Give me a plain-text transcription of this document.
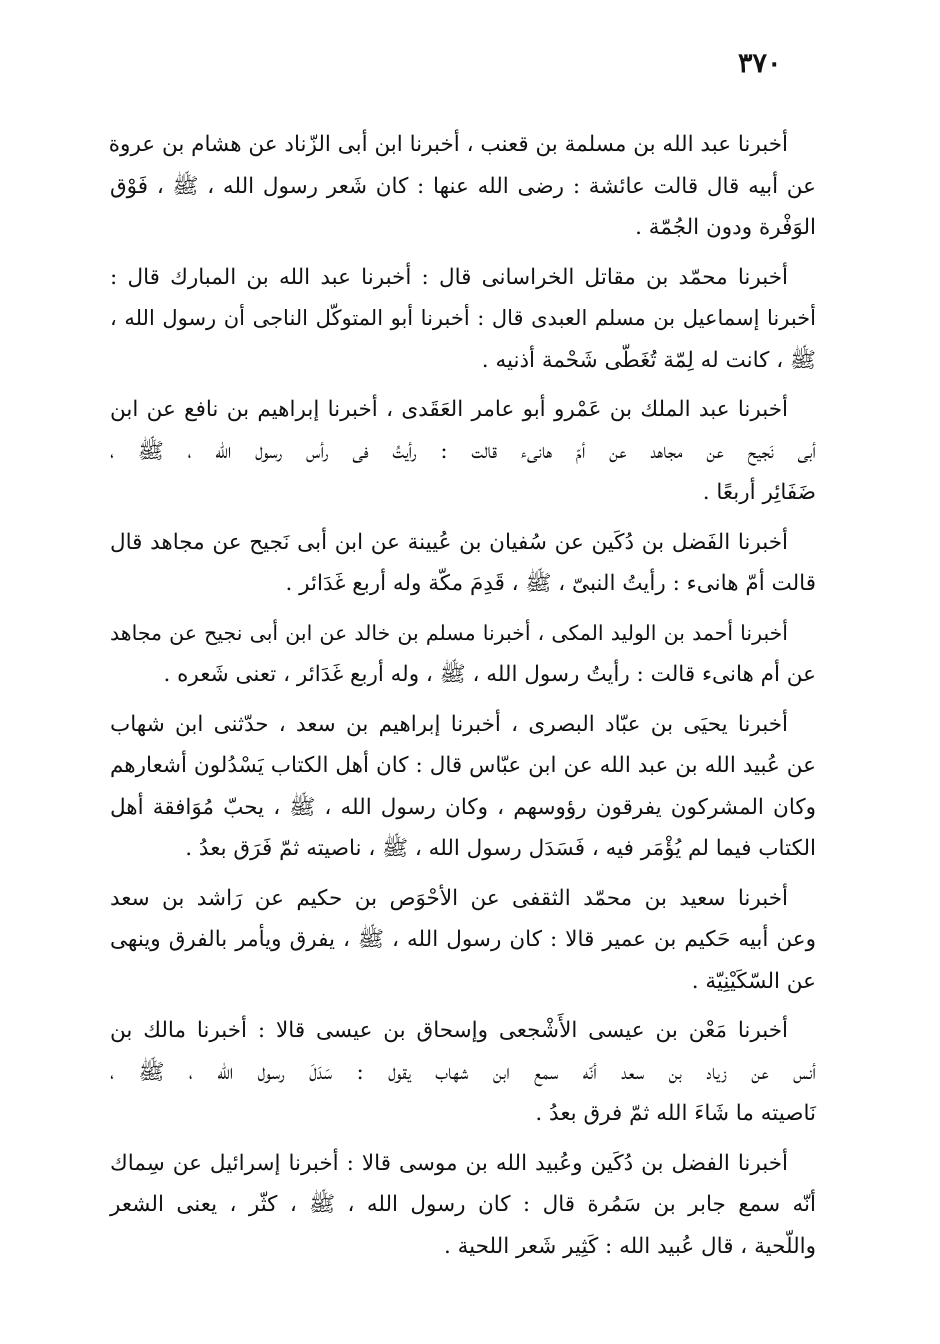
٣٧٠
أخبرنا عبد الله بن مسلمة بن قعنب ، أخبرنا ابن أبى الزّناد عن هشام بن عروة
عن أبيه قال قالت عائشة : رضى الله عنها : كان شَعر رسول الله ، ﷺ ، فَوْق
الوَفْرة ودون الجُمّة .
أخبرنا محمّد بن مقاتل الخراسانى قال : أخبرنا عبد الله بن المبارك قال :
أخبرنا إسماعيل بن مسلم العبدى قال : أخبرنا أبو المتوكّل الناجى أن رسول الله ،
ﷺ ، كانت له لِمّة تُغَطّى شَحْمة أذنيه .
أخبرنا عبد الملك بن عَمْرو أبو عامر العَقَدى ، أخبرنا إبراهيم بن نافع عن ابن
أبى نَجيح عن مجاهد عن أمّ هانىء قالت : رأيتُ فى رأس رسول الله ، ﷺ ،
ضَفَائِر أربعًا .
أخبرنا الفَضل بن دُكَين عن سُفيان بن عُيينة عن ابن أبى نَجيح عن مجاهد قال
قالت أمّ هانىء : رأيتُ النبىّ ، ﷺ ، قَدِمَ مكّة وله أربع غَدَائر .
أخبرنا أحمد بن الوليد المكى ، أخبرنا مسلم بن خالد عن ابن أبى نجيح عن مجاهد
عن أم هانىء قالت : رأيتُ رسول الله ، ﷺ ، وله أربع غَدَائر ، تعنى شَعره .
أخبرنا يحيَى بن عبّاد البصرى ، أخبرنا إبراهيم بن سعد ، حدّثنى ابن شهاب
عن عُبيد الله بن عبد الله عن ابن عبّاس قال : كان أهل الكتاب يَسْدُلون أشعارهم
وكان المشركون يفرقون رؤوسهم ، وكان رسول الله ، ﷺ ، يحبّ مُوَافقة أهل
الكتاب فيما لم يُؤْمَر فيه ، فَسَدَل رسول الله ، ﷺ ، ناصيته ثمّ فَرَق بعدُ .
أخبرنا سعيد بن محمّد الثقفى عن الأحْوَص بن حكيم عن رَاشد بن سعد
وعن أبيه حَكيم بن عمير قالا : كان رسول الله ، ﷺ ، يفرق ويأمر بالفرق وينهى
عن السّكَيْنِيّة .
أخبرنا مَعْن بن عيسى الأَشْجعى وإسحاق بن عيسى قالا : أخبرنا مالك بن
أنس عن زياد بن سعد أنّه سمع ابن شهاب يقول : سَدَلَ رسول الله ، ﷺ ،
نَاصيته ما شَاءَ الله ثمّ فرق بعدُ .
أخبرنا الفضل بن دُكَين وعُبيد الله بن موسى قالا : أخبرنا إسرائيل عن سِماك
أنّه سمع جابر بن سَمُرة قال : كان رسول الله ، ﷺ ، كثّر ، يعنى الشعر
واللّحية ، قال عُبيد الله : كَثِير شَعر اللحية .
